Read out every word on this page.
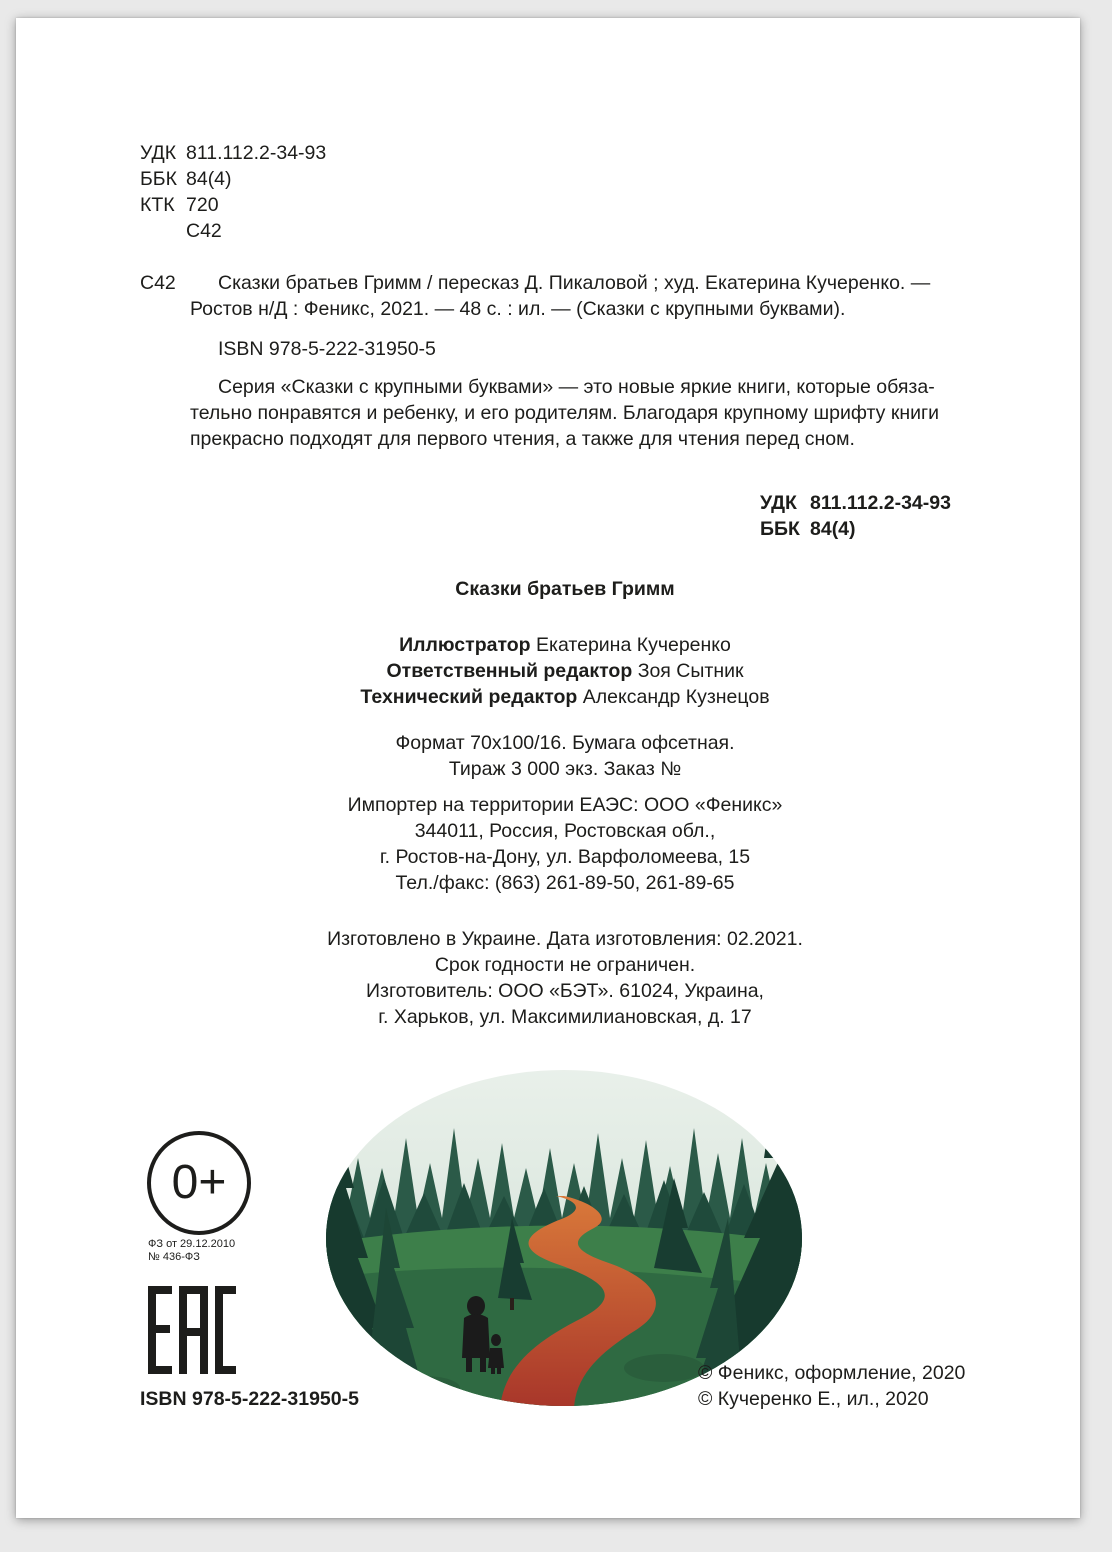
УДК 811.112.2-34-93
ББК 84(4)
КТК 720
С42
С42 Сказки братьев Гримм / пересказ Д. Пикаловой ; худ. Екатерина Кучеренко. —
Ростов н/Д : Феникс, 2021. — 48 с. : ил. — (Сказки с крупными буквами).
ISBN 978-5-222-31950-5
Серия «Сказки с крупными буквами» — это новые яркие книги, которые обяза-
тельно понравятся и ребенку, и его родителям. Благодаря крупному шрифту книги
прекрасно подходят для первого чтения, а также для чтения перед сном.
УДК 811.112.2-34-93
ББК 84(4)
Сказки братьев Гримм
Иллюстратор Екатерина Кучеренко
Ответственный редактор Зоя Сытник
Технический редактор Александр Кузнецов
Формат 70x100/16. Бумага офсетная.
Тираж 3 000 экз. Заказ №
Импортер на территории ЕАЭС: ООО «Феникс»
344011, Россия, Ростовская обл.,
г. Ростов-на-Дону, ул. Варфоломеева, 15
Тел./факс: (863) 261-89-50, 261-89-65
Изготовлено в Украине. Дата изготовления: 02.2021.
Срок годности не ограничен.
Изготовитель: ООО «БЭТ». 61024, Украина,
г. Харьков, ул. Максимилиановская, д. 17
0+
ФЗ от 29.12.2010
№ 436-ФЗ
ISBN 978-5-222-31950-5
© Феникс, оформление, 2020
© Кучеренко Е., ил., 2020
